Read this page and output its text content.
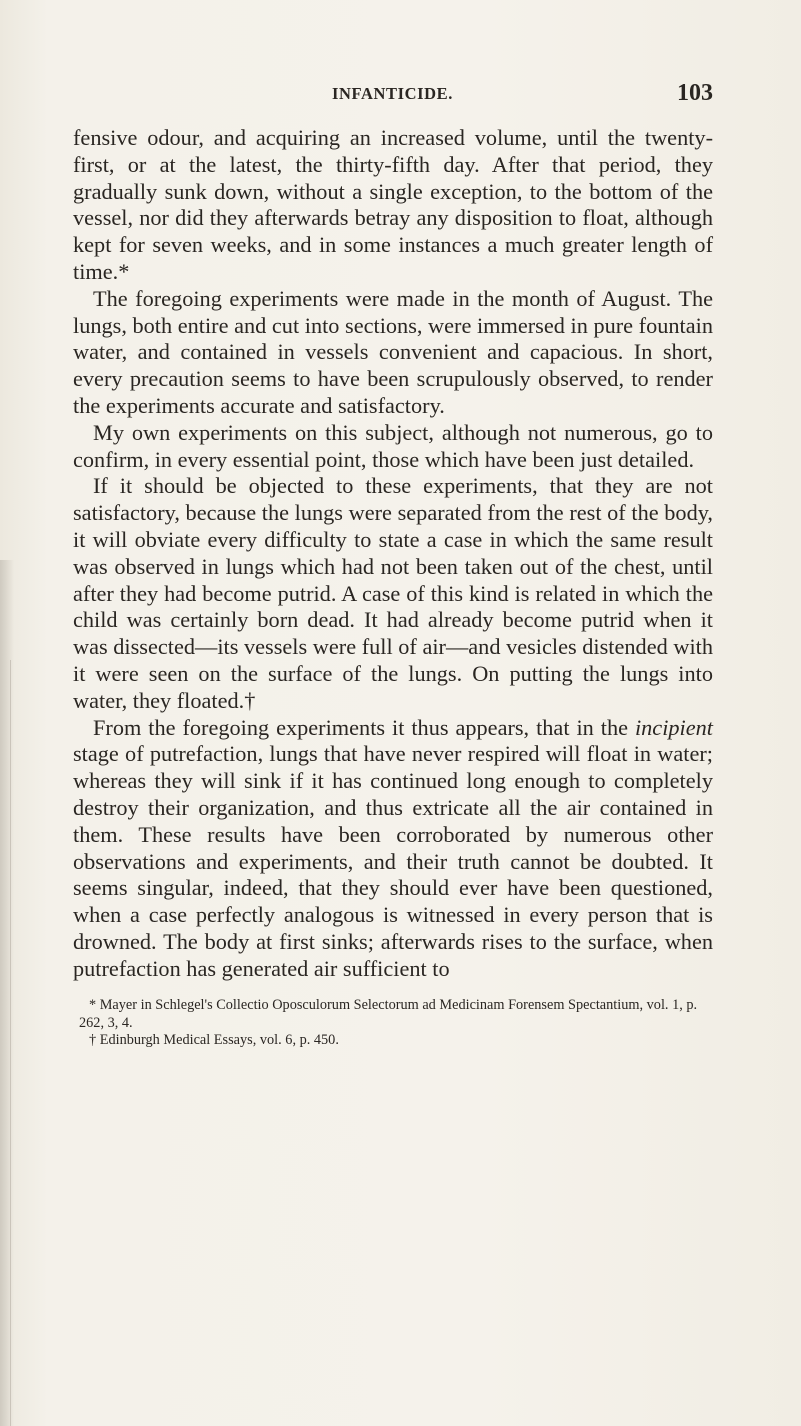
INFANTICIDE.	103

fensive odour, and acquiring an increased volume, until the twenty-first, or at the latest, the thirty-fifth day. After that period, they gradually sunk down, without a single exception, to the bottom of the vessel, nor did they afterwards betray any disposition to float, although kept for seven weeks, and in some instances a much greater length of time.*

The foregoing experiments were made in the month of August. The lungs, both entire and cut into sections, were immersed in pure fountain water, and contained in vessels convenient and capacious. In short, every precaution seems to have been scrupulously observed, to render the experiments accurate and satisfactory.

My own experiments on this subject, although not numerous, go to confirm, in every essential point, those which have been just detailed.

If it should be objected to these experiments, that they are not satisfactory, because the lungs were separated from the rest of the body, it will obviate every difficulty to state a case in which the same result was observed in lungs which had not been taken out of the chest, until after they had become putrid. A case of this kind is related in which the child was certainly born dead. It had already become putrid when it was dissected—its vessels were full of air—and vesicles distended with it were seen on the surface of the lungs. On putting the lungs into water, they floated.†

From the foregoing experiments it thus appears, that in the incipient stage of putrefaction, lungs that have never respired will float in water; whereas they will sink if it has continued long enough to completely destroy their organization, and thus extricate all the air contained in them. These results have been corroborated by numerous other observations and experiments, and their truth cannot be doubted. It seems singular, indeed, that they should ever have been questioned, when a case perfectly analogous is witnessed in every person that is drowned. The body at first sinks; afterwards rises to the surface, when putrefaction has generated air sufficient to

* Mayer in Schlegel's Collectio Oposculorum Selectorum ad Medicinam Forensem Spectantium, vol. 1, p. 262, 3, 4.

† Edinburgh Medical Essays, vol. 6, p. 450.
